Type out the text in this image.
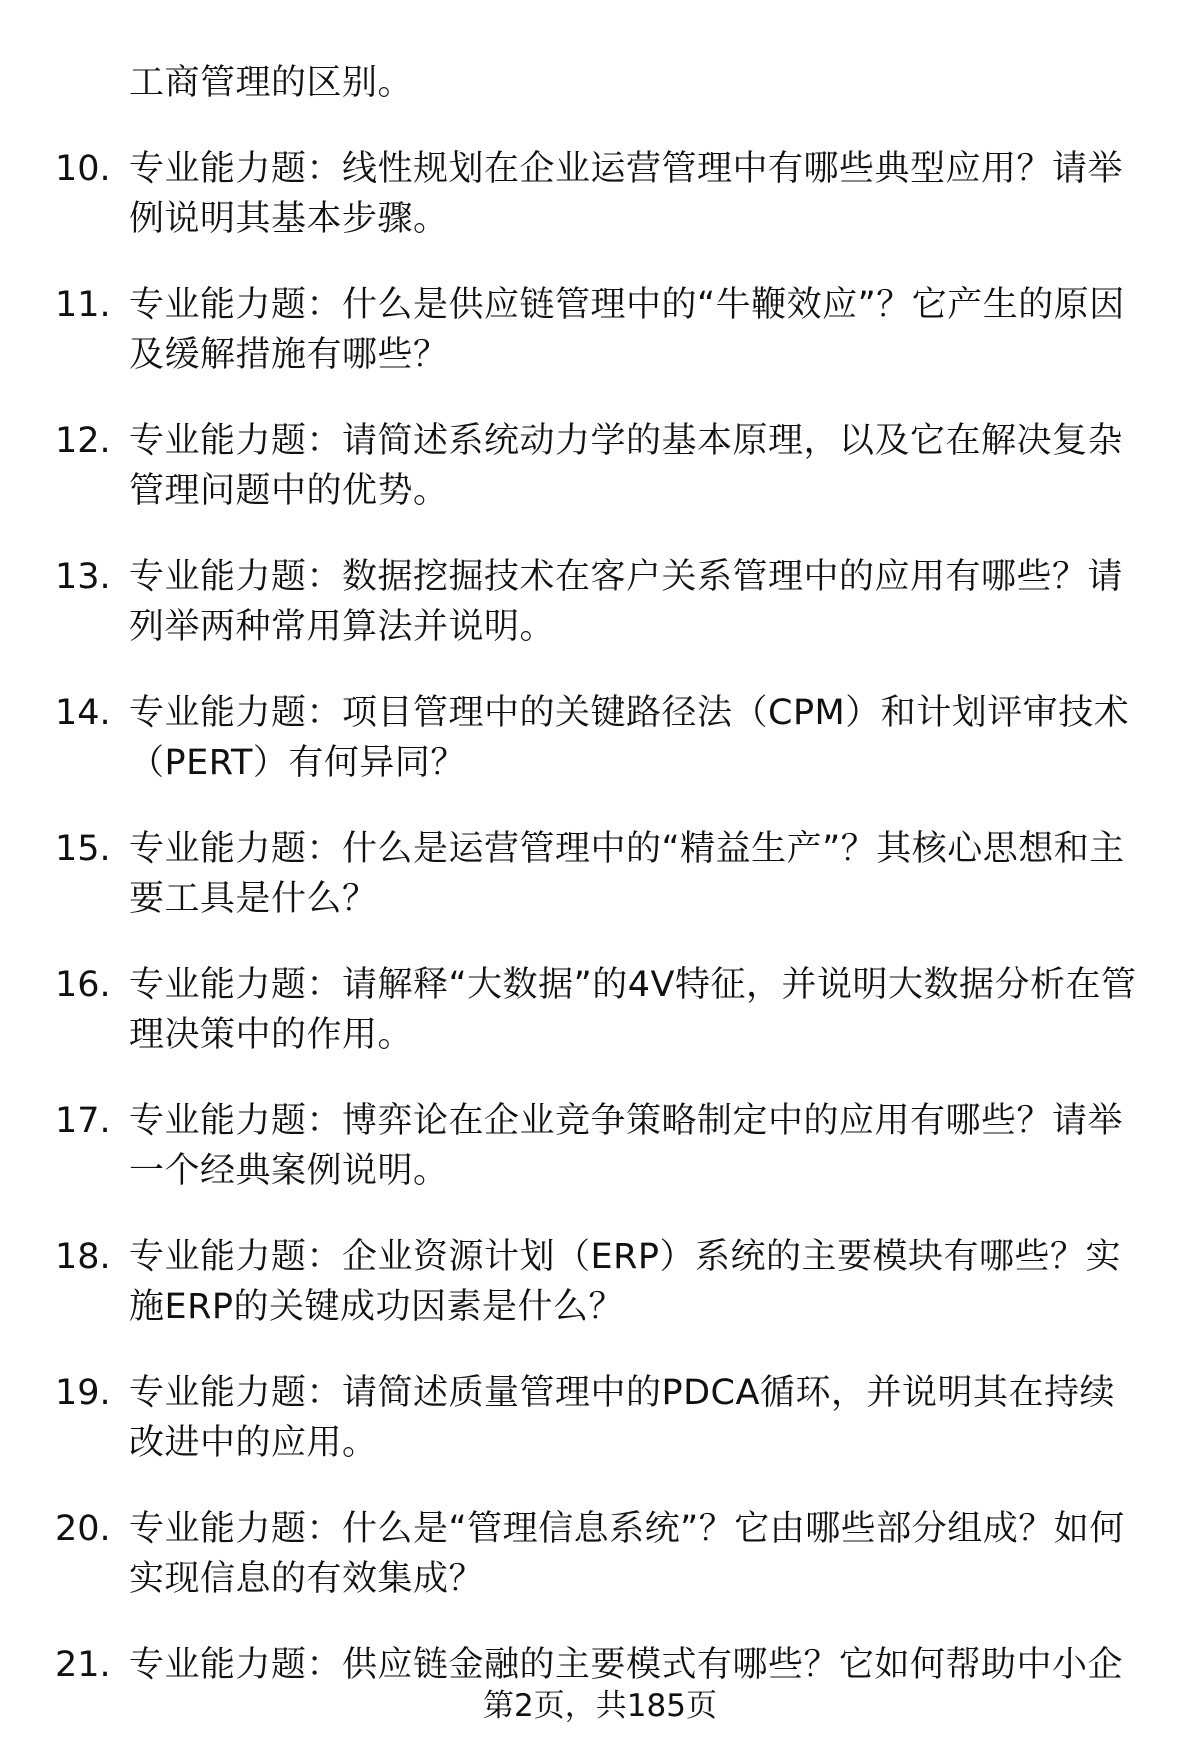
工商管理的区别。
10. 专业能力题：线性规划在企业运营管理中有哪些典型应用？请举例说明其基本步骤。
11. 专业能力题：什么是供应链管理中的“牛鞭效应”？它产生的原因及缓解措施有哪些？
12. 专业能力题：请简述系统动力学的基本原理，以及它在解决复杂管理问题中的优势。
13. 专业能力题：数据挖掘技术在客户关系管理中的应用有哪些？请列举两种常用算法并说明。
14. 专业能力题：项目管理中的关键路径法（CPM）和计划评审技术（PERT）有何异同？
15. 专业能力题：什么是运营管理中的“精益生产”？其核心思想和主要工具是什么？
16. 专业能力题：请解释“大数据”的4V特征，并说明大数据分析在管理决策中的作用。
17. 专业能力题：博弈论在企业竞争策略制定中的应用有哪些？请举一个经典案例说明。
18. 专业能力题：企业资源计划（ERP）系统的主要模块有哪些？实施ERP的关键成功因素是什么？
19. 专业能力题：请简述质量管理中的PDCA循环，并说明其在持续改进中的应用。
20. 专业能力题：什么是“管理信息系统”？它由哪些部分组成？如何实现信息的有效集成？
21. 专业能力题：供应链金融的主要模式有哪些？它如何帮助中小企
第2页，共185页
